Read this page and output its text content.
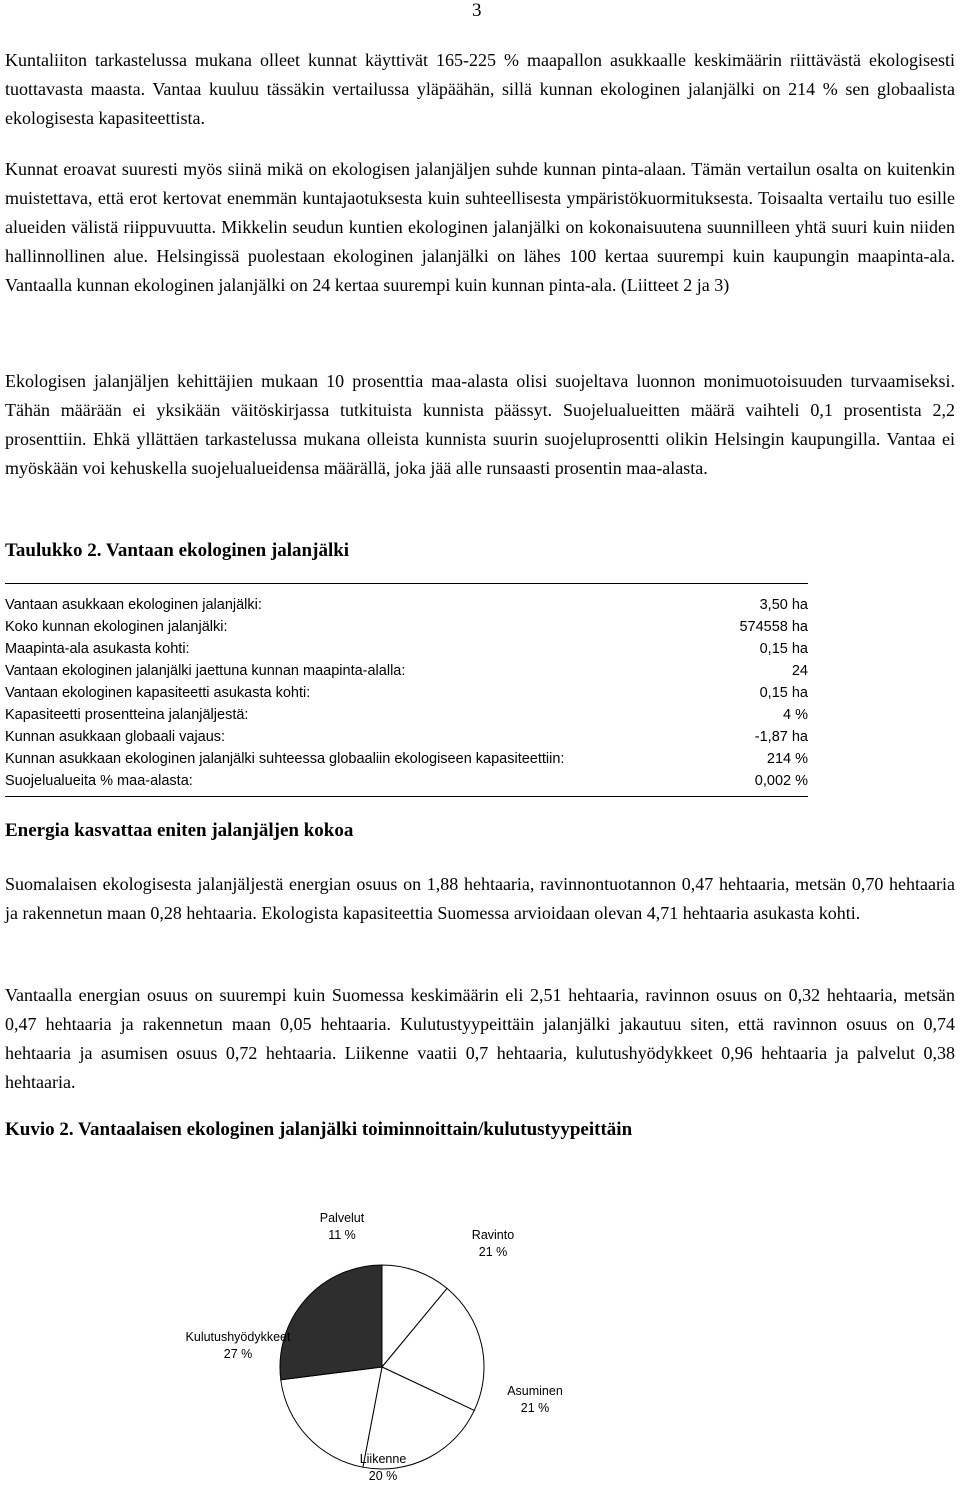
3
Kuntaliiton tarkastelussa mukana olleet kunnat käyttivät 165-225 % maapallon asukkaalle keskimäärin riittävästä ekologisesti tuottavasta maasta. Vantaa kuuluu tässäkin vertailussa yläpäähän, sillä kunnan ekologinen jalanjälki on 214 % sen globaalista ekologisesta kapasiteettista.
Kunnat eroavat suuresti myös siinä mikä on ekologisen jalanjäljen suhde kunnan pinta-alaan. Tämän vertailun osalta on kuitenkin muistettava, että erot kertovat enemmän kuntajaotuksesta kuin suhteellisesta ympäristökuormituksesta. Toisaalta vertailu tuo esille alueiden välistä riippuvuutta. Mikkelin seudun kuntien ekologinen jalanjälki on kokonaisuutena suunnilleen yhtä suuri kuin niiden hallinnollinen alue. Helsingissä puolestaan ekologinen jalanjälki on lähes 100 kertaa suurempi kuin kaupungin maapinta-ala. Vantaalla kunnan ekologinen jalanjälki on 24 kertaa suurempi kuin kunnan pinta-ala. (Liitteet 2 ja 3)
Ekologisen jalanjäljen kehittäjien mukaan 10 prosenttia maa-alasta olisi suojeltava luonnon monimuotoisuuden turvaamiseksi. Tähän määrään ei yksikään väitöskirjassa tutkituista kunnista päässyt. Suojelualueitten määrä vaihteli 0,1 prosentista 2,2 prosenttiin. Ehkä yllättäen tarkastelussa mukana olleista kunnista suurin suojeluprosentti olikin Helsingin kaupungilla. Vantaa ei myöskään voi kehuskella suojelualueidensa määrällä, joka jää alle runsaasti prosentin maa-alasta.
Taulukko 2. Vantaan ekologinen jalanjälki
Vantaan asukkaan ekologinen jalanjälki:	3,50 ha
Koko kunnan ekologinen jalanjälki:	574558 ha
Maapinta-ala asukasta kohti:	0,15 ha
Vantaan ekologinen jalanjälki jaettuna kunnan maapinta-alalla:	24
Vantaan ekologinen kapasiteetti asukasta kohti:	0,15 ha
Kapasiteetti prosentteina jalanjäljestä:	4 %
Kunnan asukkaan globaali vajaus:	-1,87 ha
Kunnan asukkaan ekologinen jalanjälki suhteessa globaaliin ekologiseen kapasiteettiin:	214 %
Suojelualueita % maa-alasta:	0,002 %
Energia kasvattaa eniten jalanjäljen kokoa
Suomalaisen ekologisesta jalanjäljestä energian osuus on 1,88 hehtaaria, ravinnontuotannon 0,47 hehtaaria, metsän 0,70 hehtaaria ja rakennetun maan 0,28 hehtaaria. Ekologista kapasiteettia Suomessa arvioidaan olevan 4,71 hehtaaria asukasta kohti.
Vantaalla energian osuus on suurempi kuin Suomessa keskimäärin eli 2,51 hehtaaria, ravinnon osuus on 0,32 hehtaaria, metsän 0,47 hehtaaria ja rakennetun maan 0,05 hehtaaria. Kulutustyypeittäin jalanjälki jakautuu siten, että ravinnon osuus on 0,74 hehtaaria ja asumisen osuus 0,72 hehtaaria. Liikenne vaatii 0,7 hehtaaria, kulutushyödykkeet 0,96 hehtaaria ja palvelut 0,38 hehtaaria.
Kuvio 2. Vantaalaisen ekologinen jalanjälki toiminnoittain/kulutustyypeittäin
Palvelut
11 %	Ravinto
21 %
Asuminen
21 %
Liikenne
20 %
Kulutushyödykkeet
27 %
